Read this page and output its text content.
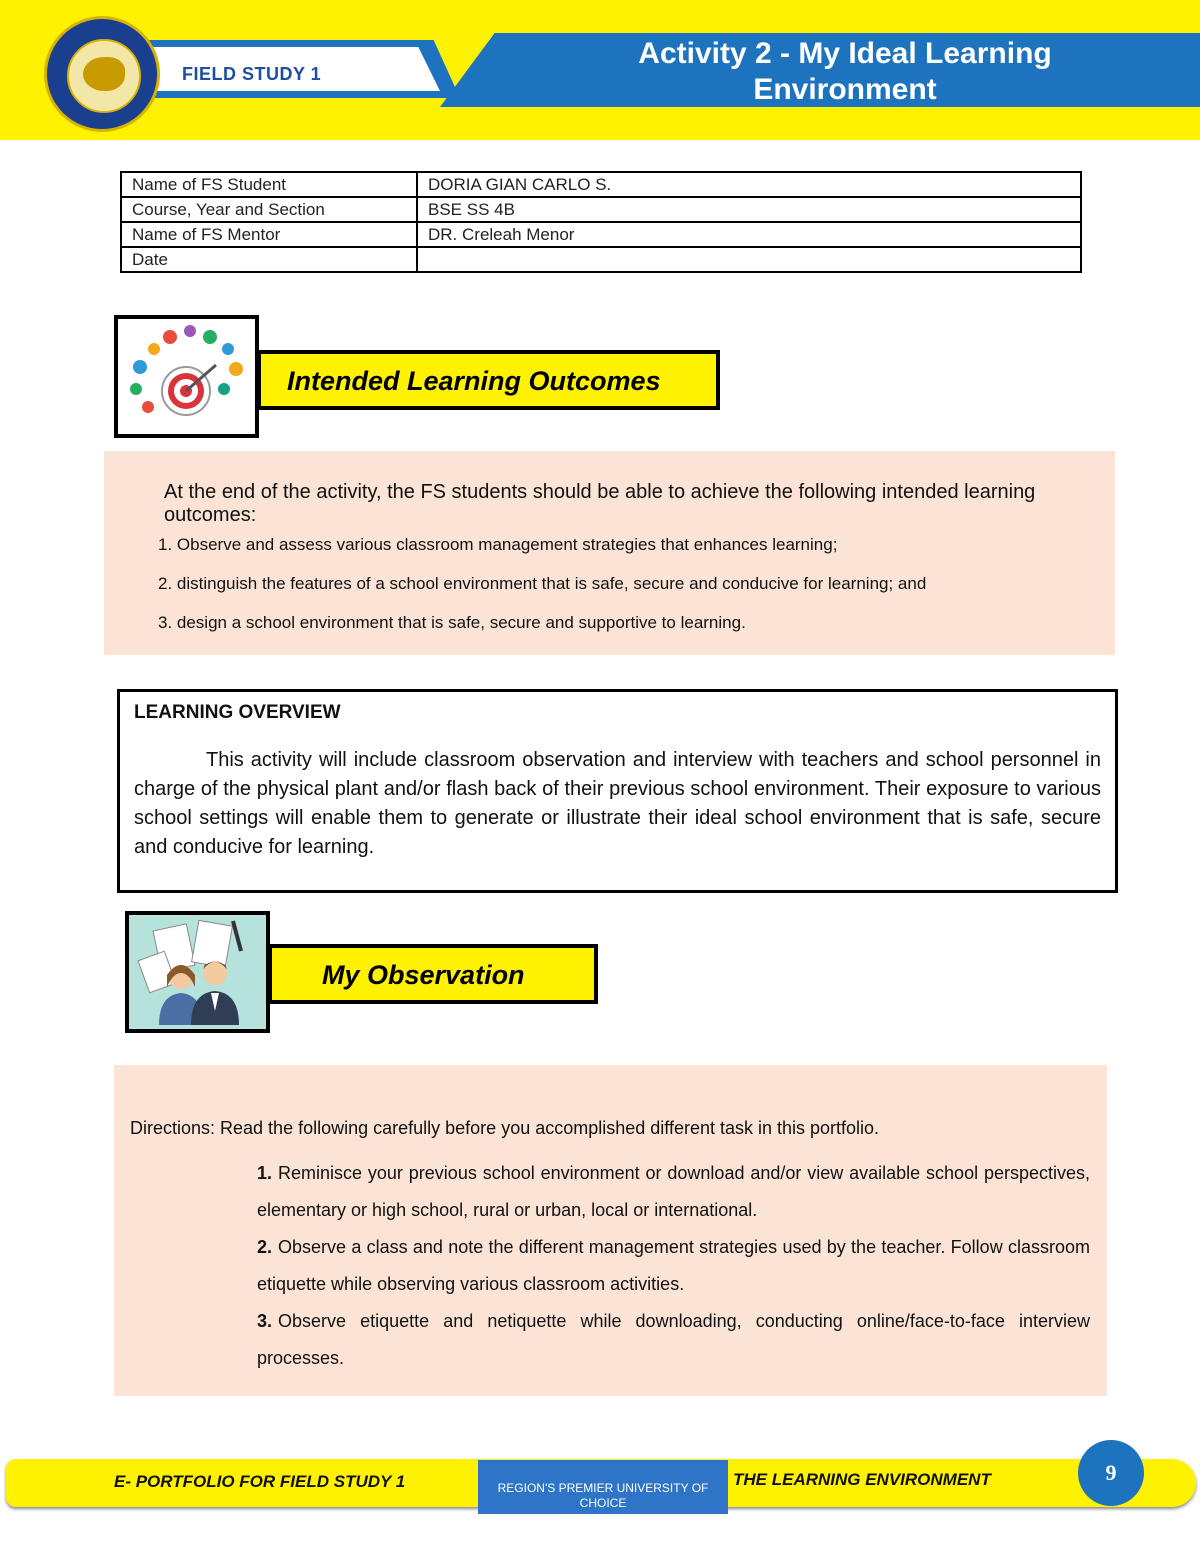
FIELD STUDY 1
Activity 2 - My Ideal Learning
Environment
Name of FS Student	DORIA GIAN CARLO S.
Course, Year and Section	BSE SS 4B
Name of FS Mentor	DR. Creleah Menor
Date	
Intended Learning Outcomes
At the end of the activity, the FS students should be able to achieve the following intended learning outcomes:
1. Observe and assess various classroom management strategies that enhances learning;
2. distinguish the features of a school environment that is safe, secure and conducive for learning; and
3. design a school environment that is safe, secure and supportive to learning.
LEARNING OVERVIEW
This activity will include classroom observation and interview with teachers and school personnel in charge of the physical plant and/or flash back of their previous school environment. Their exposure to various school settings will enable them to generate or illustrate their ideal school environment that is safe, secure and conducive for learning.
My Observation
Directions: Read the following carefully before you accomplished different task in this portfolio.
1. Reminisce your previous school environment or download and/or view available school perspectives, elementary or high school, rural or urban, local or international.
2. Observe a class and note the different management strategies used by the teacher. Follow classroom etiquette while observing various classroom activities.
3. Observe etiquette and netiquette while downloading, conducting online/face-to-face interview processes.
E- PORTFOLIO FOR FIELD STUDY 1	REGION'S PREMIER UNIVERSITY OF CHOICE
THE LEARNING ENVIRONMENT	9
